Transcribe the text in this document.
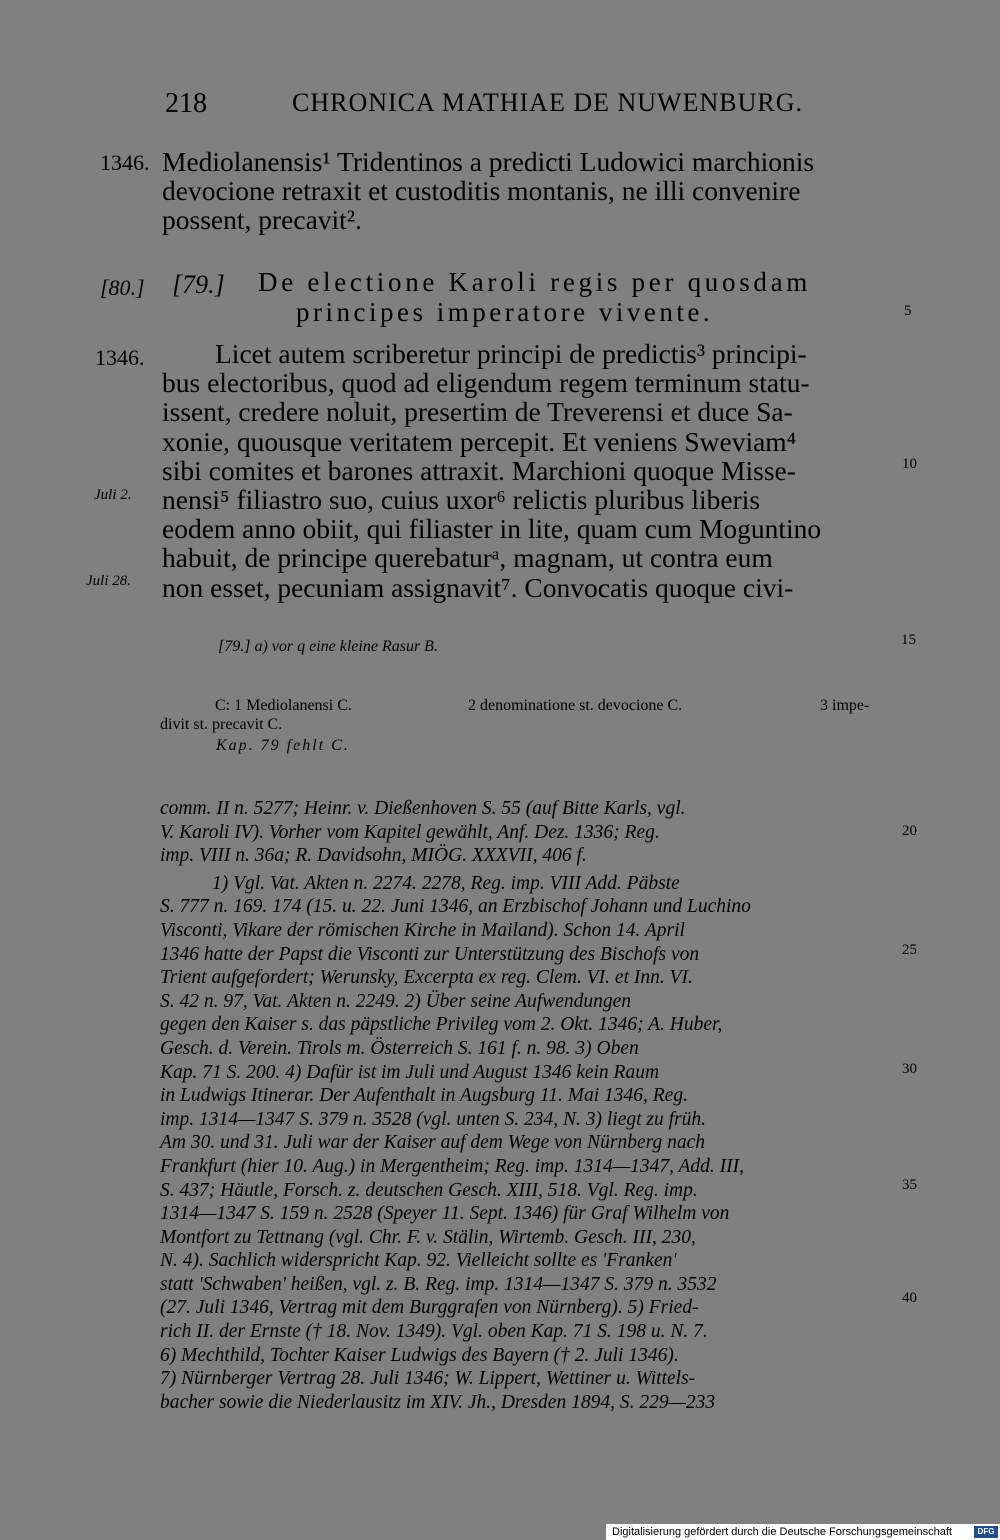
218	CHRONICA MATHIAE DE NUWENBURG.
1346. Mediolanensis¹ Tridentinos a predicti Ludowici marchionis
devocione retraxit et custoditis montanis, ne illi convenire
possent, precavit².
[80.] [79.] De electione Karoli regis per quosdam
principes imperatore vivente.	5
1346.	Licet autem scriberetur principi de predictis³ principi-
bus electoribus, quod ad eligendum regem terminum statu-
issent, credere noluit, presertim de Treverensi et duce Sa-
xonie, quousque veritatem percepit. Et veniens Sweviam⁴
sibi comites et barones attraxit. Marchioni quoque Misse-
nensi⁵ filiastro suo, cuius uxor⁶ relictis pluribus liberis
eodem anno obiit, qui filiaster in lite, quam cum Moguntino
habuit, de principe querebaturᵃ, magnam, ut contra eum
non esset, pecuniam assignavit⁷. Convocatis quoque civi-
10
Juli 2.
Juli 28.
[79.] a) vor q eine kleine Rasur B.	15
C: 1 Mediolanensi C.	2 denominatione st. devocione C.	3 impe-
divit st. precavit C.
Kap. 79 fehlt C.
comm. II n. 5277; Heinr. v. Dießenhoven S. 55 (auf Bitte Karls, vgl.
V. Karoli IV). Vorher vom Kapitel gewählt, Anf. Dez. 1336; Reg.
imp. VIII n. 36a; R. Davidsohn, MIÖG. XXXVII, 406 f.
1) Vgl. Vat. Akten n. 2274. 2278, Reg. imp. VIII Add. Päbste
S. 777 n. 169. 174 (15. u. 22. Juni 1346, an Erzbischof Johann und Luchino
Visconti, Vikare der römischen Kirche in Mailand). Schon 14. April
1346 hatte der Papst die Visconti zur Unterstützung des Bischofs von
Trient aufgefordert; Werunsky, Excerpta ex reg. Clem. VI. et Inn. VI.
S. 42 n. 97, Vat. Akten n. 2249. 2) Über seine Aufwendungen
gegen den Kaiser s. das päpstliche Privileg vom 2. Okt. 1346; A. Huber,
Gesch. d. Verein. Tirols m. Österreich S. 161 f. n. 98. 3) Oben
Kap. 71 S. 200. 4) Dafür ist im Juli und August 1346 kein Raum
in Ludwigs Itinerar. Der Aufenthalt in Augsburg 11. Mai 1346, Reg.
imp. 1314—1347 S. 379 n. 3528 (vgl. unten S. 234, N. 3) liegt zu früh.
Am 30. und 31. Juli war der Kaiser auf dem Wege von Nürnberg nach
Frankfurt (hier 10. Aug.) in Mergentheim; Reg. imp. 1314—1347, Add. III,
S. 437; Häutle, Forsch. z. deutschen Gesch. XIII, 518. Vgl. Reg. imp.
1314—1347 S. 159 n. 2528 (Speyer 11. Sept. 1346) für Graf Wilhelm von
Montfort zu Tettnang (vgl. Chr. F. v. Stälin, Wirtemb. Gesch. III, 230,
N. 4). Sachlich widerspricht Kap. 92. Vielleicht sollte es 'Franken'
statt 'Schwaben' heißen, vgl. z. B. Reg. imp. 1314—1347 S. 379 n. 3532
(27. Juli 1346, Vertrag mit dem Burggrafen von Nürnberg). 5) Fried-
rich II. der Ernste († 18. Nov. 1349). Vgl. oben Kap. 71 S. 198 u. N. 7.
6) Mechthild, Tochter Kaiser Ludwigs des Bayern († 2. Juli 1346).
7) Nürnberger Vertrag 28. Juli 1346; W. Lippert, Wettiner u. Wittels-
bacher sowie die Niederlausitz im XIV. Jh., Dresden 1894, S. 229—233
20
25
30
35
40
Digitalisierung gefördert durch die Deutsche Forschungsgemeinschaft	DFG
